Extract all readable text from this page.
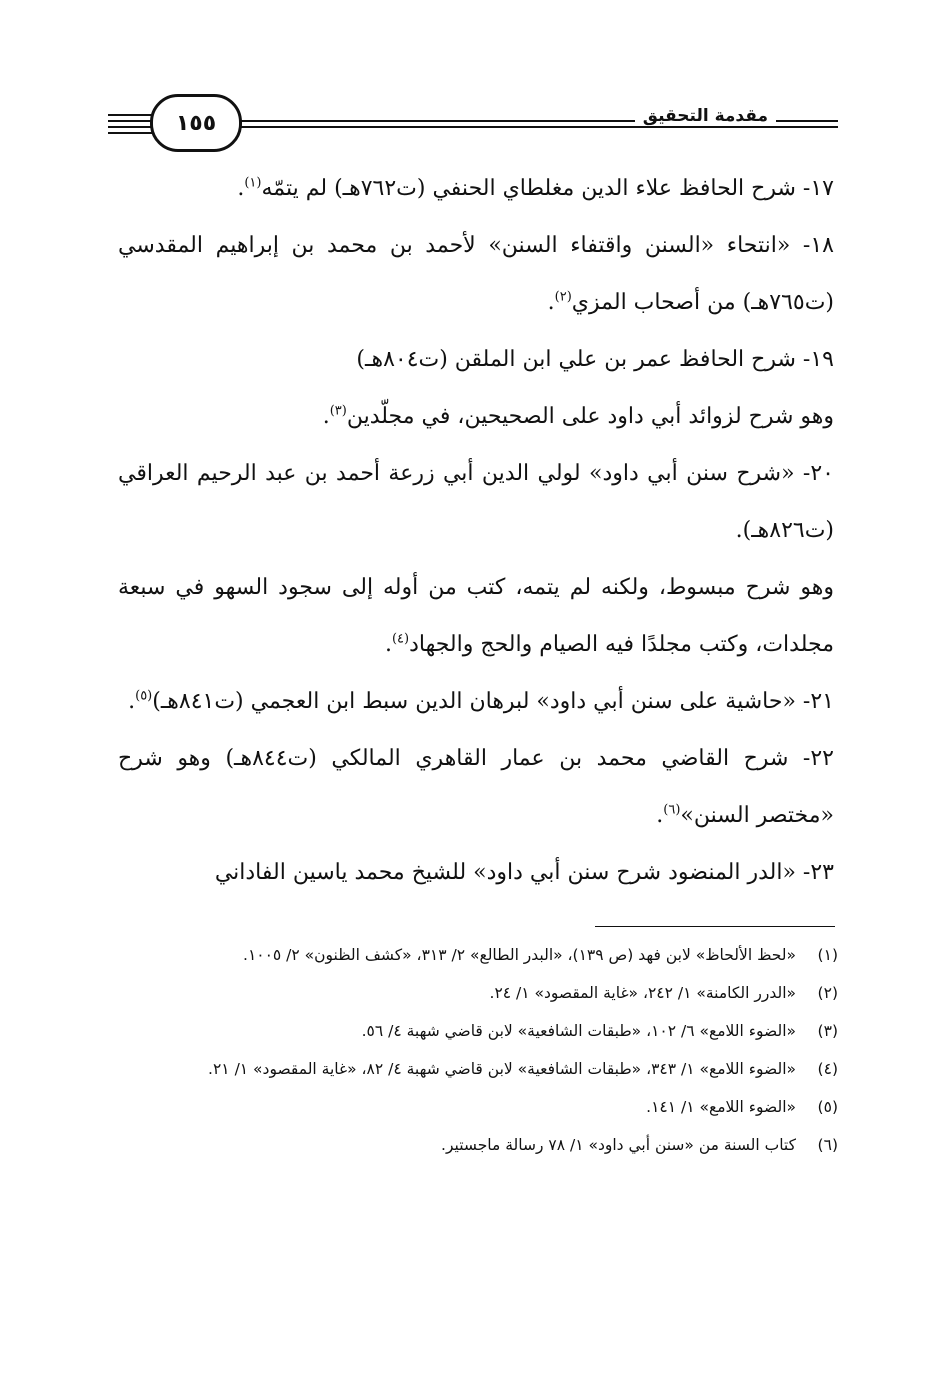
١٥٥	مقدمة التحقيق

١٧- شرح الحافظ علاء الدين مغلطاي الحنفي (ت٧٦٢هـ) لم يتمّه$^{(١)}$.

١٨- «انتحاء «السنن واقتفاء السنن» لأحمد بن محمد بن إبراهيم المقدسي (ت٧٦٥هـ) من أصحاب المزي$^{(٢)}$.

١٩- شرح الحافظ عمر بن علي ابن الملقن (ت٨٠٤هـ)

وهو شرح لزوائد أبي داود على الصحيحين، في مجلّدين$^{(٣)}$.

٢٠- «شرح سنن أبي داود» لولي الدين أبي زرعة أحمد بن عبد الرحيم العراقي (ت٨٢٦هـ).

وهو شرح مبسوط، ولكنه لم يتمه، كتب من أوله إلى سجود السهو في سبعة مجلدات، وكتب مجلدًا فيه الصيام والحج والجهاد$^{(٤)}$.

٢١- «حاشية على سنن أبي داود» لبرهان الدين سبط ابن العجمي (ت٨٤١هـ)$^{(٥)}$.

٢٢- شرح القاضي محمد بن عمار القاهري المالكي (ت٨٤٤هـ) وهو شرح «مختصر السنن»$^{(٦)}$.

٢٣- «الدر المنضود شرح سنن أبي داود» للشيخ محمد ياسين الفاداني

(١)
«لحظ الألحاظ» لابن فهد (ص ١٣٩)، «البدر الطالع» ٢/ ٣١٣، «كشف الظنون» ٢/ ١٠٠٥.
(٢)
«الدرر الكامنة» ١/ ٢٤٢، «غاية المقصود» ١/ ٢٤.
(٣)
«الضوء اللامع» ٦/ ١٠٢، «طبقات الشافعية» لابن قاضي شهبة ٤/ ٥٦.
(٤)
«الضوء اللامع» ١/ ٣٤٣، «طبقات الشافعية» لابن قاضي شهبة ٤/ ٨٢، «غاية المقصود» ١/ ٢١.
(٥)
«الضوء اللامع» ١/ ١٤١.
(٦)
كتاب السنة من «سنن أبي داود» ١/ ٧٨ رسالة ماجستير.
